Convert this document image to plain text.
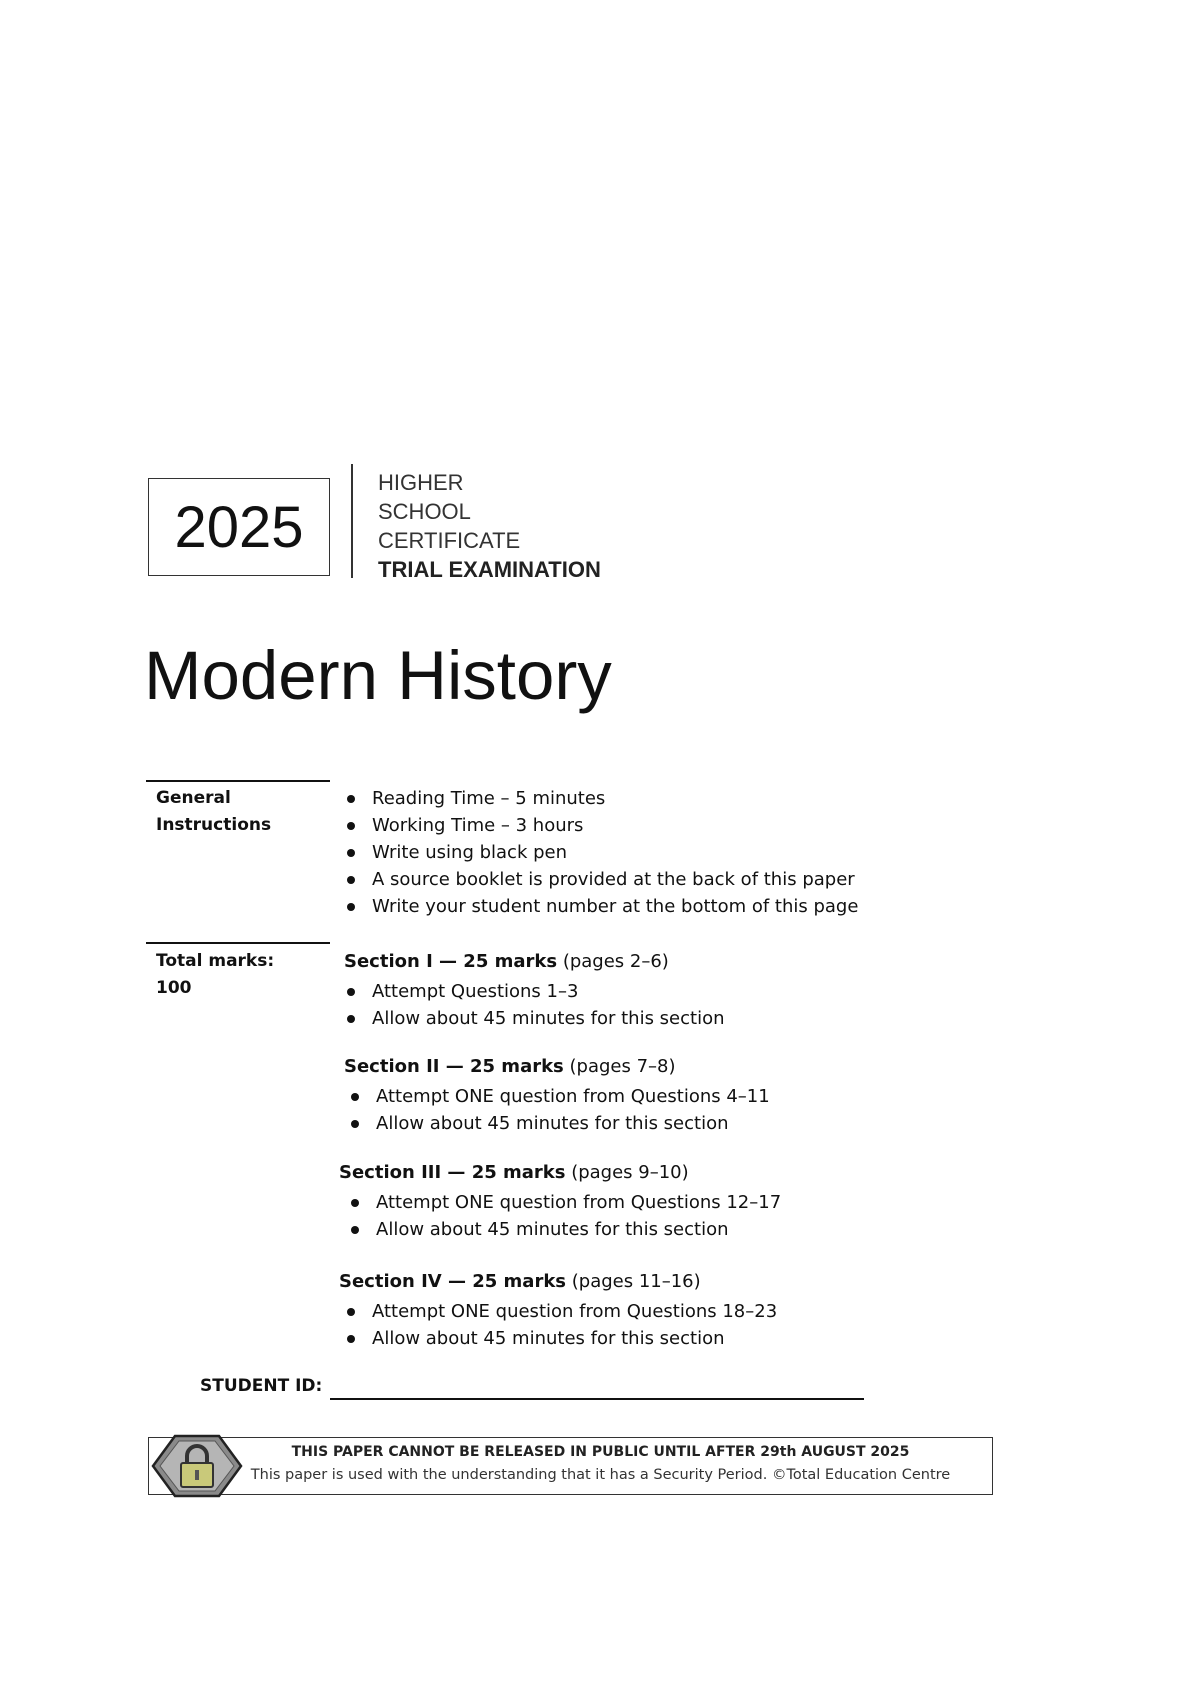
2025
HIGHER
SCHOOL
CERTIFICATE
TRIAL EXAMINATION
Modern History
General
Instructions
Reading Time – 5 minutes
Working Time – 3 hours
Write using black pen
A source booklet is provided at the back of this paper
Write your student number at the bottom of this page
Total marks:
100
Section I — 25 marks (pages 2–6)
Attempt Questions 1–3
Allow about 45 minutes for this section
Section II — 25 marks (pages 7–8)
Attempt ONE question from Questions 4–11
Allow about 45 minutes for this section
Section III — 25 marks (pages 9–10)
Attempt ONE question from Questions 12–17
Allow about 45 minutes for this section
Section IV — 25 marks (pages 11–16)
Attempt ONE question from Questions 18–23
Allow about 45 minutes for this section
STUDENT ID:
THIS PAPER CANNOT BE RELEASED IN PUBLIC UNTIL AFTER 29th AUGUST 2025
This paper is used with the understanding that it has a Security Period. ©Total Education Centre
